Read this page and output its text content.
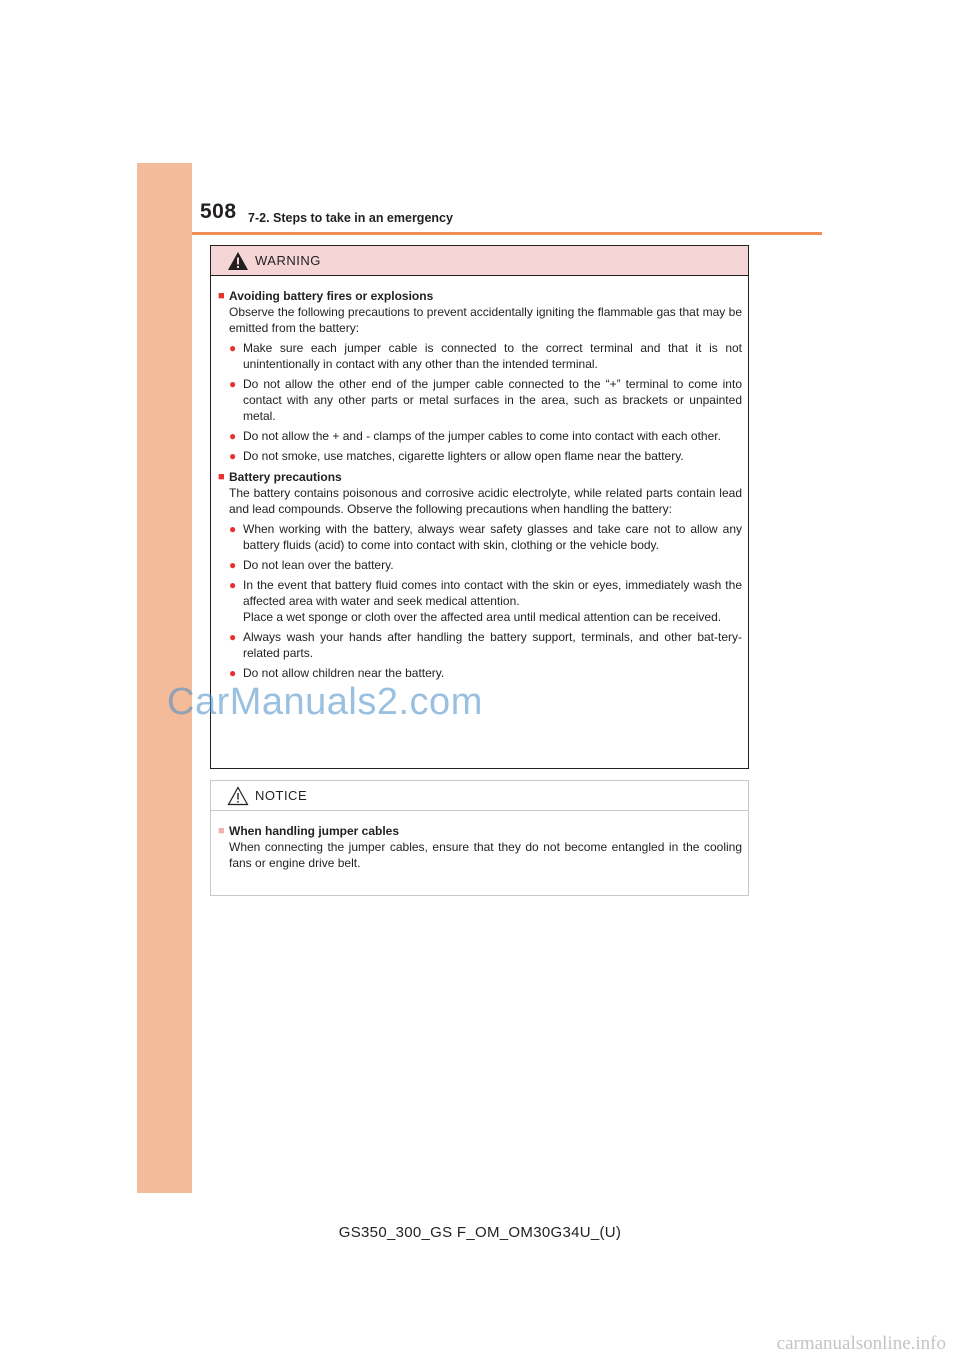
508 7-2. Steps to take in an emergency
WARNING
■ Avoiding battery fires or explosions
Observe the following precautions to prevent accidentally igniting the flammable gas that may be emitted from the battery:
● Make sure each jumper cable is connected to the correct terminal and that it is not unintentionally in contact with any other than the intended terminal.
● Do not allow the other end of the jumper cable connected to the “+” terminal to come into contact with any other parts or metal surfaces in the area, such as brackets or unpainted metal.
● Do not allow the + and - clamps of the jumper cables to come into contact with each other.
● Do not smoke, use matches, cigarette lighters or allow open flame near the battery.
■ Battery precautions
The battery contains poisonous and corrosive acidic electrolyte, while related parts contain lead and lead compounds. Observe the following precautions when handling the battery:
● When working with the battery, always wear safety glasses and take care not to allow any battery fluids (acid) to come into contact with skin, clothing or the vehicle body.
● Do not lean over the battery.
● In the event that battery fluid comes into contact with the skin or eyes, immediately wash the affected area with water and seek medical attention.
Place a wet sponge or cloth over the affected area until medical attention can be received.
● Always wash your hands after handling the battery support, terminals, and other bat-tery-related parts.
● Do not allow children near the battery.
NOTICE
■ When handling jumper cables
When connecting the jumper cables, ensure that they do not become entangled in the cooling fans or engine drive belt.
CarManuals2.com
GS350_300_GS F_OM_OM30G34U_(U)
carmanualsonline.info
